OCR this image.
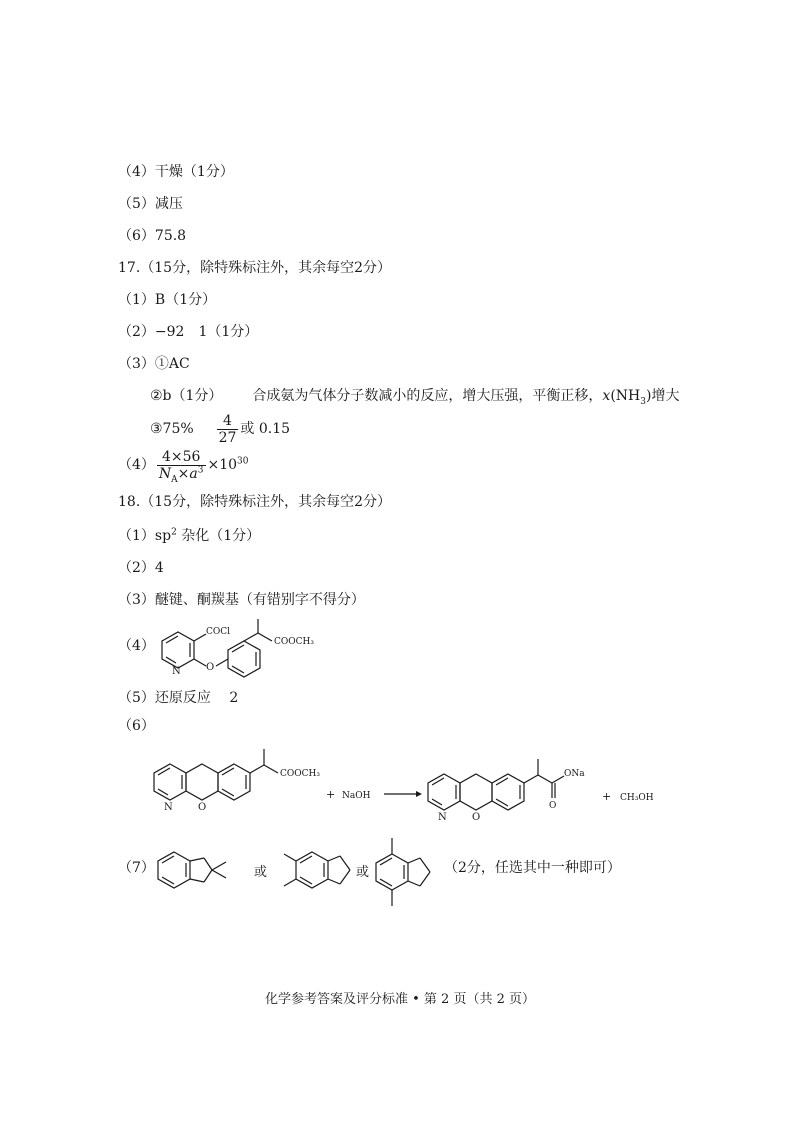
（4）干燥（1分）
（5）减压
（6）75.8
17.（15分，除特殊标注外，其余每空2分）
（1）B（1分）
（2）−92　1（1分）
（3）①AC
②b（1分） 合成氨为气体分子数减小的反应，增大压强，平衡正移，$x(NH_3)$增大
③75% $\frac{4}{27}$ 或 0.15
$(4) \frac{4\times 56}{N_A\times a^3} \times 10^{30}$
18.（15分，除特殊标注外，其余每空2分）
$(1)sp^2$ 杂化（1分）
（2）4
（3）醚键、酮羰基（有错别字不得分）
（4）
COCl
N	O
COOCH₃
（5）还原反应　 2
（6）
N	O
COOCH₃
+ NaOH
N	O
O
ONa
+ CH₃OH
（7）	或	或	（2分，任选其中一种即可）
化学参考答案及评分标准 • 第 2 页（共 2 页）
